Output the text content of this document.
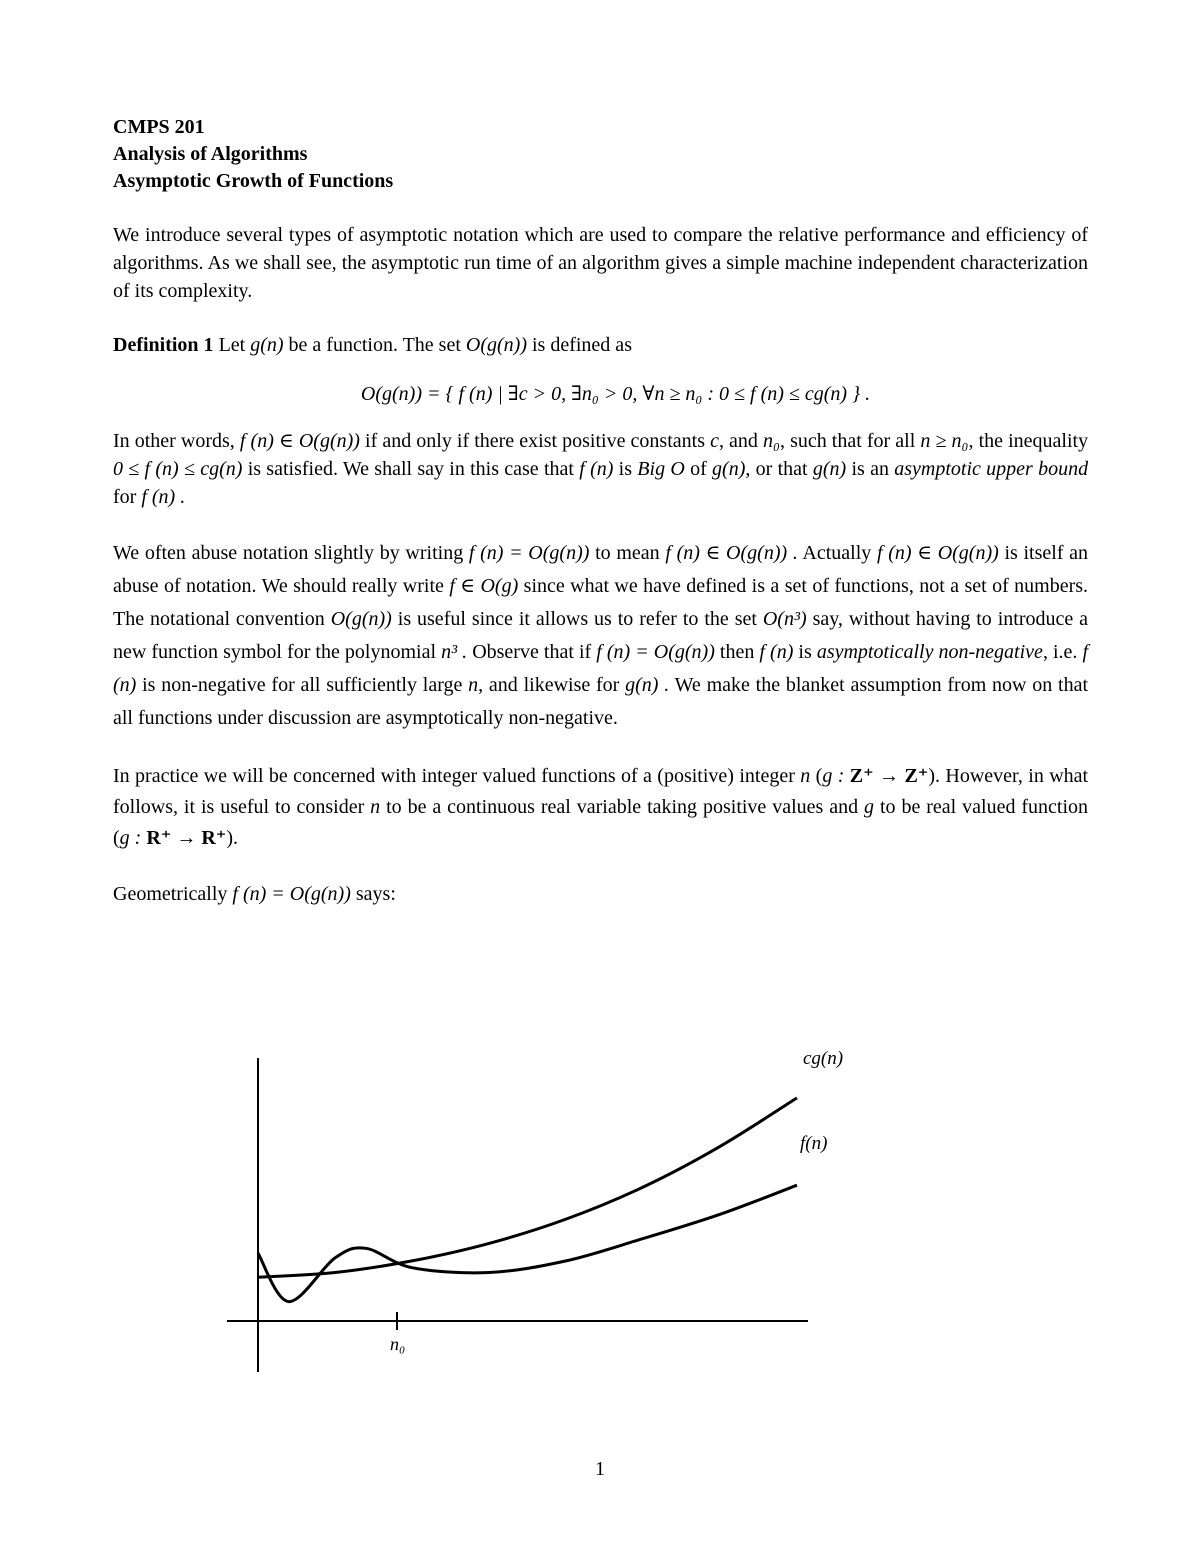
CMPS 201

Analysis of Algorithms

Asymptotic Growth of Functions

We introduce several types of asymptotic notation which are used to compare the relative performance and efficiency of algorithms. As we shall see, the asymptotic run time of an algorithm gives a simple machine independent characterization of its complexity.

Definition 1 Let g(n) be a function. The set O(g(n)) is defined as

O(g(n)) = { f (n) | ∃c > 0, ∃n₀ > 0, ∀n ≥ n₀ : 0 ≤ f (n) ≤ cg(n) } .

In other words, f (n) ∈ O(g(n)) if and only if there exist positive constants c, and n₀, such that for all n ≥ n₀, the inequality 0 ≤ f (n) ≤ cg(n) is satisfied. We shall say in this case that f (n) is Big O of g(n), or that g(n) is an asymptotic upper bound for f (n) .

We often abuse notation slightly by writing f (n) = O(g(n)) to mean f (n) ∈ O(g(n)) . Actually f (n) ∈ O(g(n)) is itself an abuse of notation. We should really write f ∈ O(g) since what we have defined is a set of functions, not a set of numbers. The notational convention O(g(n)) is useful since it allows us to refer to the set O(n³) say, without having to introduce a new function symbol for the polynomial n³ . Observe that if f (n) = O(g(n)) then f (n) is asymptotically non-negative, i.e. f (n) is non-negative for all sufficiently large n, and likewise for g(n) . We make the blanket assumption from now on that all functions under discussion are asymptotically non-negative.

In practice we will be concerned with integer valued functions of a (positive) integer n (g : Z⁺ → Z⁺). However, in what follows, it is useful to consider n to be a continuous real variable taking positive values and g to be real valued function (g : R⁺ → R⁺).

Geometrically f (n) = O(g(n)) says:

n₀
cg(n)
f(n)
1
